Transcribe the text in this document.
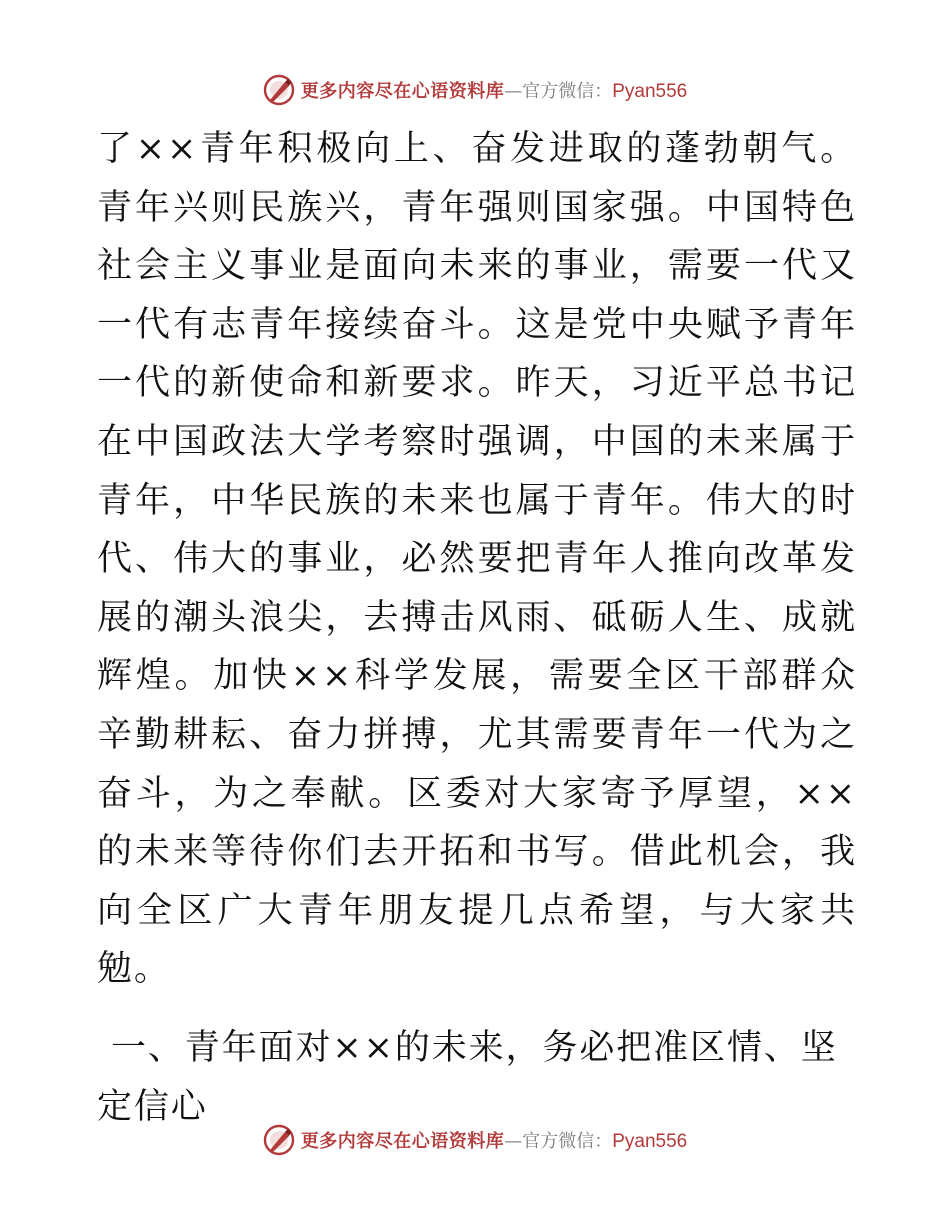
更多内容尽在心语资料库 — 官方微信： Pyan556

了××青年积极向上、奋发进取的蓬勃朝气。青年兴则民族兴，青年强则国家强。中国特色社会主义事业是面向未来的事业，需要一代又一代有志青年接续奋斗。这是党中央赋予青年一代的新使命和新要求。昨天，习近平总书记在中国政法大学考察时强调，中国的未来属于青年，中华民族的未来也属于青年。伟大的时代、伟大的事业，必然要把青年人推向改革发展的潮头浪尖，去搏击风雨、砥砺人生、成就辉煌。加快××科学发展，需要全区干部群众辛勤耕耘、奋力拼搏，尤其需要青年一代为之奋斗，为之奉献。区委对大家寄予厚望，××的未来等待你们去开拓和书写。借此机会，我向全区广大青年朋友提几点希望，与大家共勉。

一、青年面对××的未来，务必把准区情、坚定信心

更多内容尽在心语资料库 — 官方微信： Pyan556
